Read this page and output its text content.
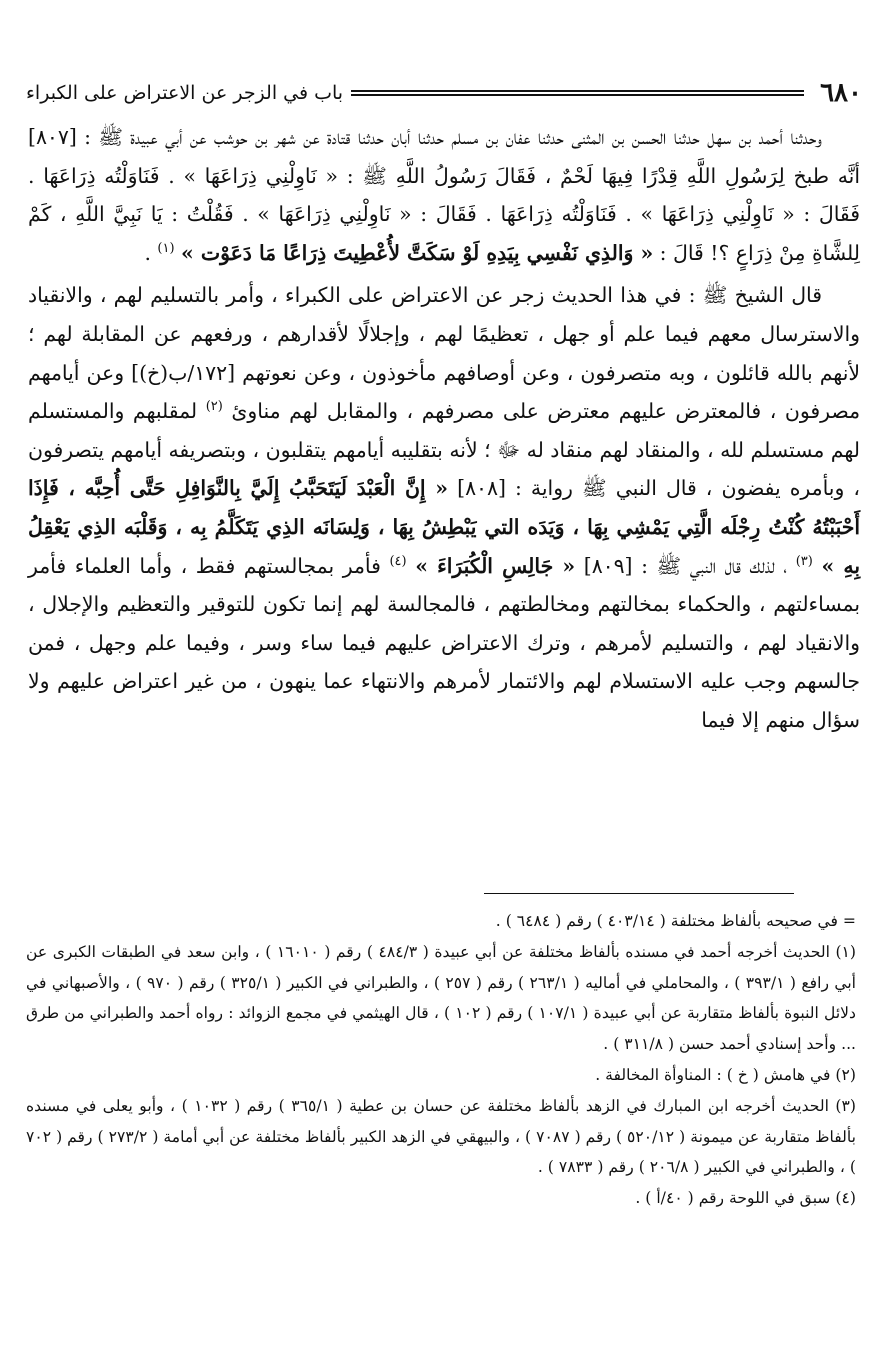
٦٨٠
باب في الزجر عن الاعتراض على الكبراء

وحدثنا أحمد بن سهل حدثنا الحسن بن المثنى حدثنا عفان بن مسلم حدثنا أبان حدثنا قتادة عن شهر بن حوشب عن أبي عبيدة ﷺ : [٨٠٧] أنَّه طبخ لِرَسُولِ اللَّهِ قِدْرًا فِيهَا لَحْمٌ ، فَقَالَ رَسُولُ اللَّهِ ﷺ : « نَاوِلْنِي ذِرَاعَهَا » . فَنَاوَلْتُه ذِرَاعَهَا . فَقَالَ : « نَاوِلْنِي ذِرَاعَهَا » . فَنَاوَلْتُه ذِرَاعَهَا . فَقَالَ : « نَاوِلْنِي ذِرَاعَهَا » . فَقُلْتُ : يَا نَبِيَّ اللَّهِ ، كَمْ لِلشَّاةِ مِنْ ذِرَاعٍ ؟! قَالَ : « وَالذِي نَفْسِي بِيَدِهِ لَوْ سَكَتَّ لأُعْطِيتَ ذِرَاعًا مَا دَعَوْت » $^{(١)}$ .

قال الشيخ ﷺ : في هذا الحديث زجر عن الاعتراض على الكبراء ، وأمر بالتسليم لهم ، والانقياد والاسترسال معهم فيما علم أو جهل ، تعظيمًا لهم ، وإجلالًا لأقدارهم ، ورفعهم عن المقابلة لهم ؛ لأنهم بالله قائلون ، وبه متصرفون ، وعن أوصافهم مأخوذون ، وعن نعوتهم [١٧٢/ب(خ)] وعن أيامهم مصرفون ، فالمعترض عليهم معترض على مصرفهم ، والمقابل لهم مناوئ $^{(٢)}$ لمقلبهم والمستسلم لهم مستسلم لله ، والمنقاد لهم منقاد له ﷻ ؛ لأنه بتقليبه أيامهم يتقلبون ، وبتصريفه أيامهم يتصرفون ، وبأمره يفضون ، قال النبي ﷺ رواية : [٨٠٨] « إِنَّ الْعَبْدَ لَيَتَحَبَّبُ إِلَيَّ بِالنَّوَافِلِ حَتَّى أُحِبَّه ، فَإِذَا أَحْبَبْتُهُ كُنْتُ رِجْلَه الَّتِي يَمْشِي بِهَا ، وَيَدَه التي يَبْطِشُ بِهَا ، وَلِسَانَه الذِي يَتَكَلَّمُ بِه ، وَقَلْبَه الذِي يَعْقِلُ بِهِ » $^{(٣)}$ ، لذلك قال النبي ﷺ : [٨٠٩] « جَالِسِ الْكُبَرَاءَ » $^{(٤)}$ فأمر بمجالستهم فقط ، وأما العلماء فأمر بمساءلتهم ، والحكماء بمخالتهم ومخالطتهم ، فالمجالسة لهم إنما تكون للتوقير والتعظيم والإجلال ، والانقياد لهم ، والتسليم لأمرهم ، وترك الاعتراض عليهم فيما ساء وسر ، وفيما علم وجهل ، فمن جالسهم وجب عليه الاستسلام لهم والائتمار لأمرهم والانتهاء عما ينهون ، من غير اعتراض عليهم ولا سؤال منهم إلا فيما

= في صحيحه بألفاظ مختلفة ( ٤٠٣/١٤ ) رقم ( ٦٤٨٤ ) .

(١) الحديث أخرجه أحمد في مسنده بألفاظ مختلفة عن أبي عبيدة ( ٤٨٤/٣ ) رقم ( ١٦٠١٠ ) ، وابن سعد في الطبقات الكبرى عن أبي رافع ( ٣٩٣/١ ) ، والمحاملي في أماليه ( ٢٦٣/١ ) رقم ( ٢٥٧ ) ، والطبراني في الكبير ( ٣٢٥/١ ) رقم ( ٩٧٠ ) ، والأصبهاني في دلائل النبوة بألفاظ متقاربة عن أبي عبيدة ( ١٠٧/١ ) رقم ( ١٠٢ ) ، قال الهيثمي في مجمع الزوائد : رواه أحمد والطبراني من طرق ... وأحد إسنادي أحمد حسن ( ٣١١/٨ ) .

(٢) في هامش ( خ ) : المناوأة المخالفة .

(٣) الحديث أخرجه ابن المبارك في الزهد بألفاظ مختلفة عن حسان بن عطية ( ٣٦٥/١ ) رقم ( ١٠٣٢ ) ، وأبو يعلى في مسنده بألفاظ متقاربة عن ميمونة ( ٥٢٠/١٢ ) رقم ( ٧٠٨٧ ) ، والبيهقي في الزهد الكبير بألفاظ مختلفة عن أبي أمامة ( ٢٧٣/٢ ) رقم ( ٧٠٢ ) ، والطبراني في الكبير ( ٢٠٦/٨ ) رقم ( ٧٨٣٣ ) .

(٤) سبق في اللوحة رقم ( ٤٠/أ ) .
